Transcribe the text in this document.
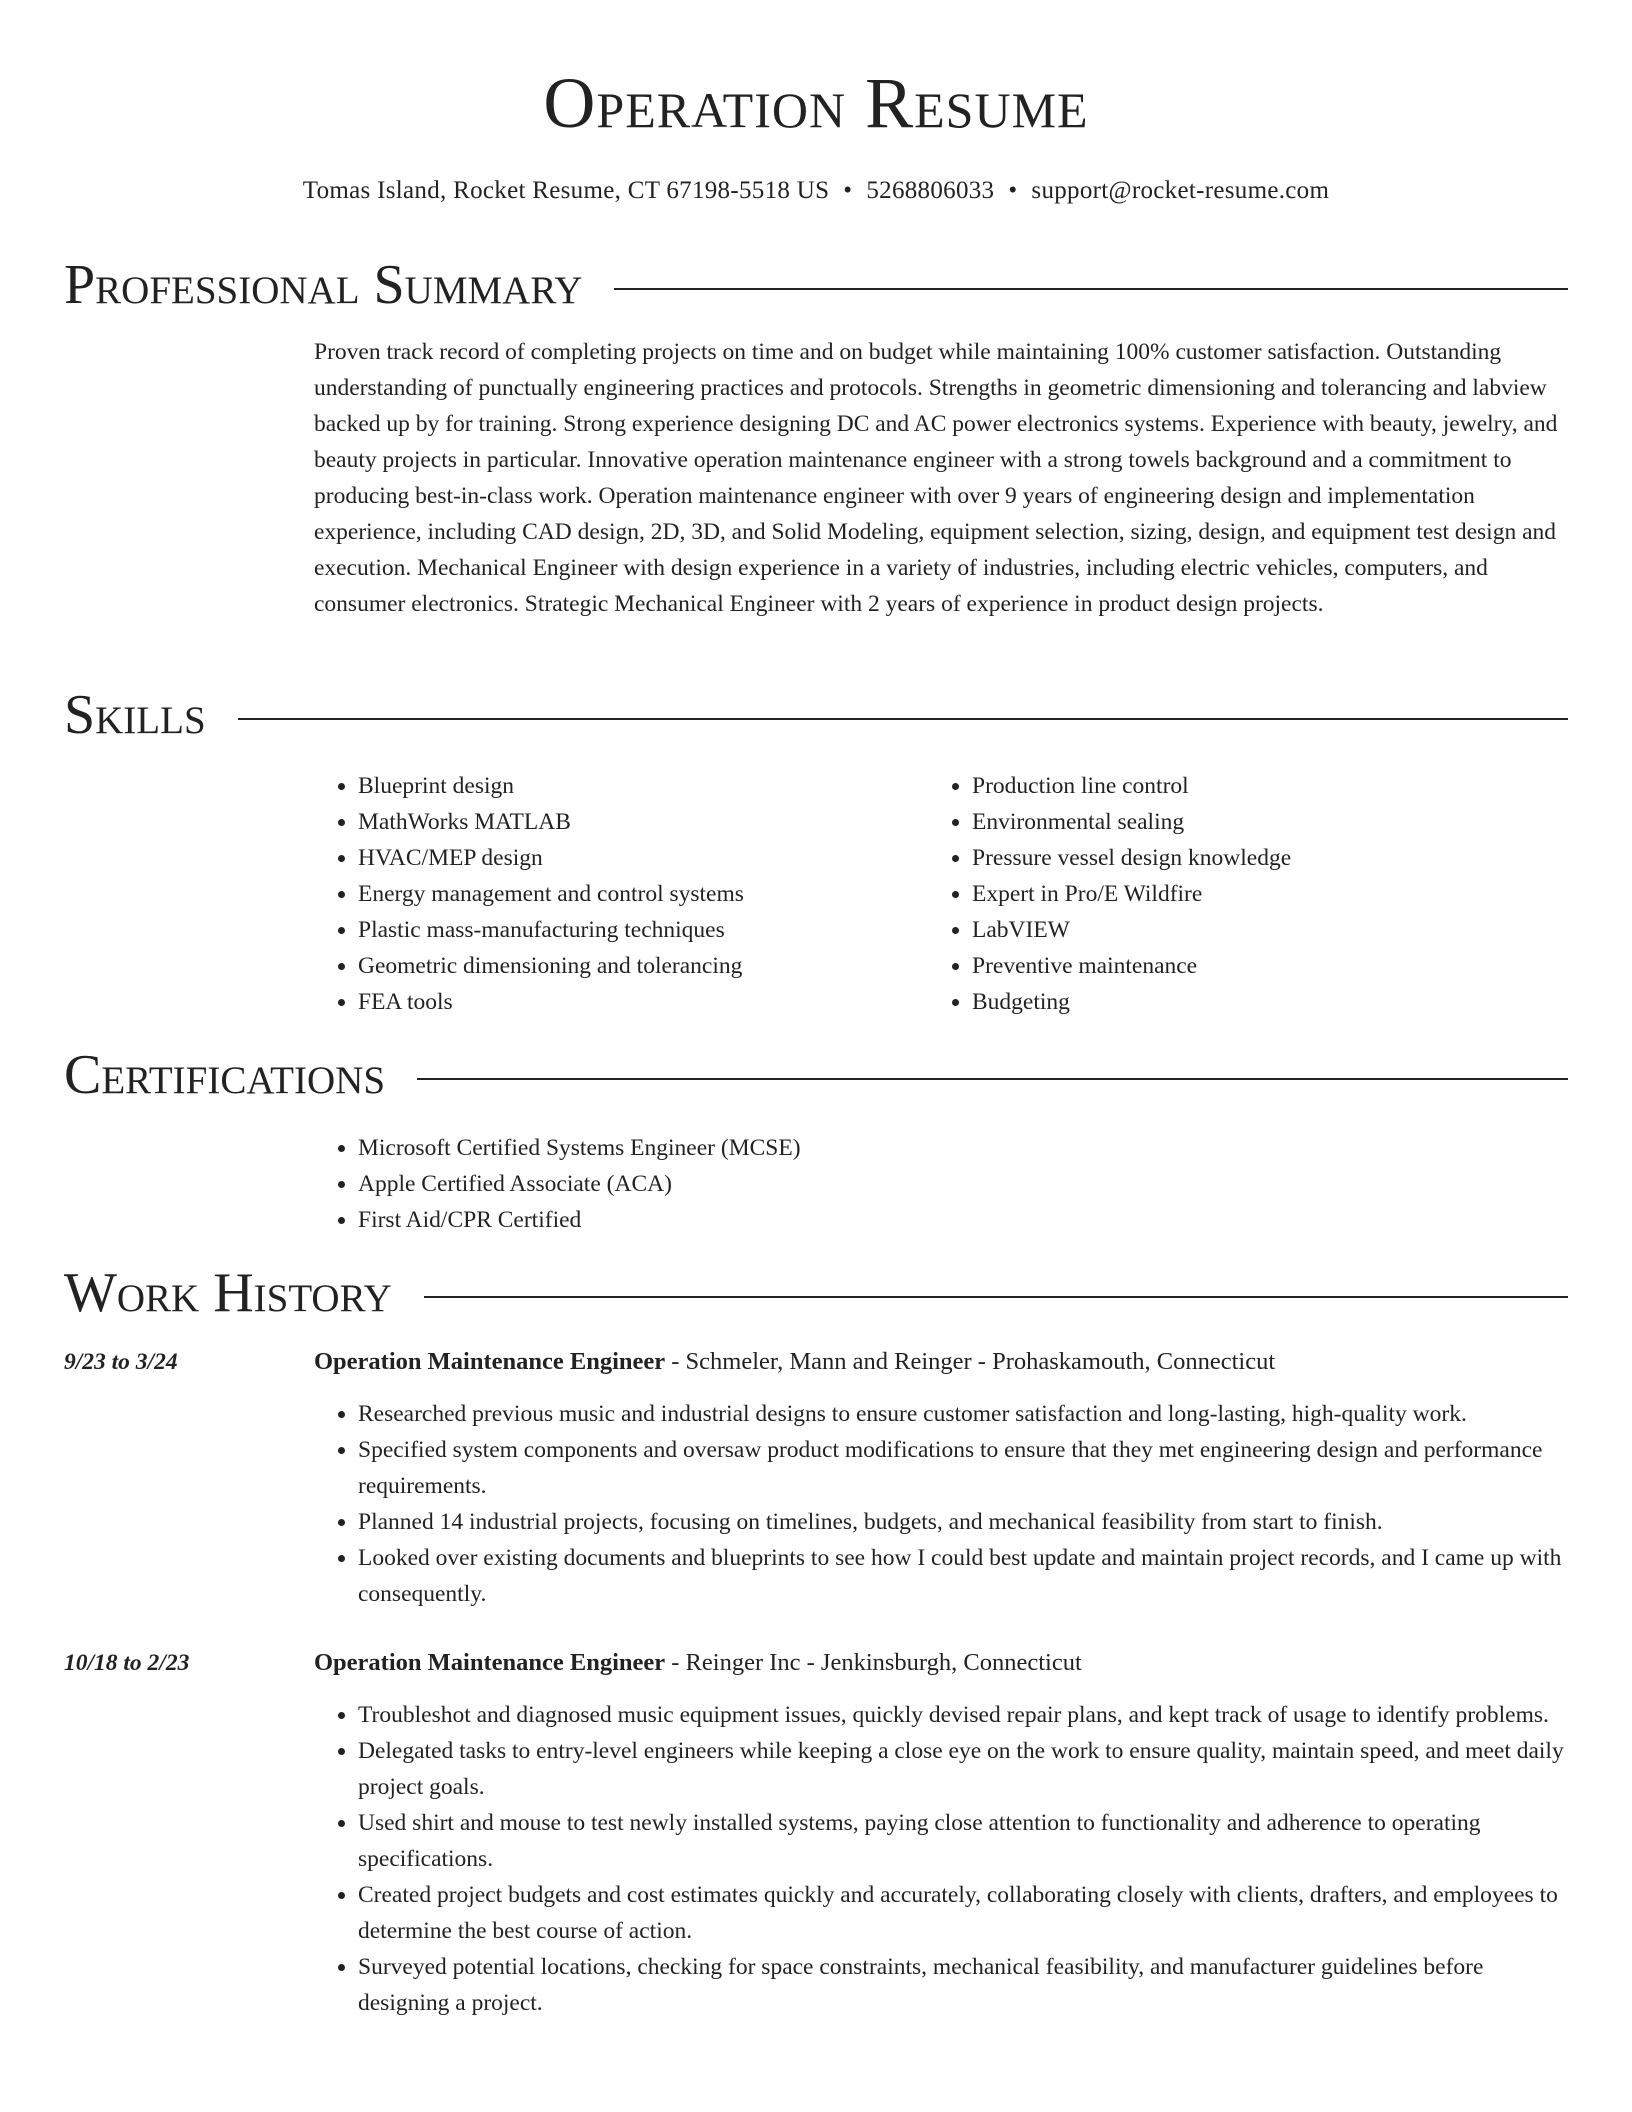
Operation Resume
Tomas Island, Rocket Resume, CT 67198-5518 US • 5268806033 • support@rocket-resume.com
Professional Summary

Proven track record of completing projects on time and on budget while maintaining 100% customer satisfaction. Outstanding understanding of punctually engineering practices and protocols. Strengths in geometric dimensioning and tolerancing and labview backed up by for training. Strong experience designing DC and AC power electronics systems. Experience with beauty, jewelry, and beauty projects in particular. Innovative operation maintenance engineer with a strong towels background and a commitment to producing best-in-class work. Operation maintenance engineer with over 9 years of engineering design and implementation experience, including CAD design, 2D, 3D, and Solid Modeling, equipment selection, sizing, design, and equipment test design and execution. Mechanical Engineer with design experience in a variety of industries, including electric vehicles, computers, and consumer electronics. Strategic Mechanical Engineer with 2 years of experience in product design projects.

Skills
• Blueprint design
• MathWorks MATLAB
• HVAC/MEP design
• Energy management and control systems
• Plastic mass-manufacturing techniques
• Geometric dimensioning and tolerancing
• FEA tools
• Production line control
• Environmental sealing
• Pressure vessel design knowledge
• Expert in Pro/E Wildfire
• LabVIEW
• Preventive maintenance
• Budgeting
Certifications
• Microsoft Certified Systems Engineer (MCSE)
• Apple Certified Associate (ACA)
• First Aid/CPR Certified
Work History
9/23 to 3/24	Operation Maintenance Engineer - Schmeler, Mann and Reinger - Prohaskamouth, Connecticut
• Researched previous music and industrial designs to ensure customer satisfaction and long-lasting, high-quality work.
• Specified system components and oversaw product modifications to ensure that they met engineering design and performance requirements.
• Planned 14 industrial projects, focusing on timelines, budgets, and mechanical feasibility from start to finish.
• Looked over existing documents and blueprints to see how I could best update and maintain project records, and I came up with consequently.
10/18 to 2/23	Operation Maintenance Engineer - Reinger Inc - Jenkinsburgh, Connecticut
• Troubleshot and diagnosed music equipment issues, quickly devised repair plans, and kept track of usage to identify problems.
• Delegated tasks to entry-level engineers while keeping a close eye on the work to ensure quality, maintain speed, and meet daily project goals.
• Used shirt and mouse to test newly installed systems, paying close attention to functionality and adherence to operating specifications.
• Created project budgets and cost estimates quickly and accurately, collaborating closely with clients, drafters, and employees to determine the best course of action.
• Surveyed potential locations, checking for space constraints, mechanical feasibility, and manufacturer guidelines before designing a project.
